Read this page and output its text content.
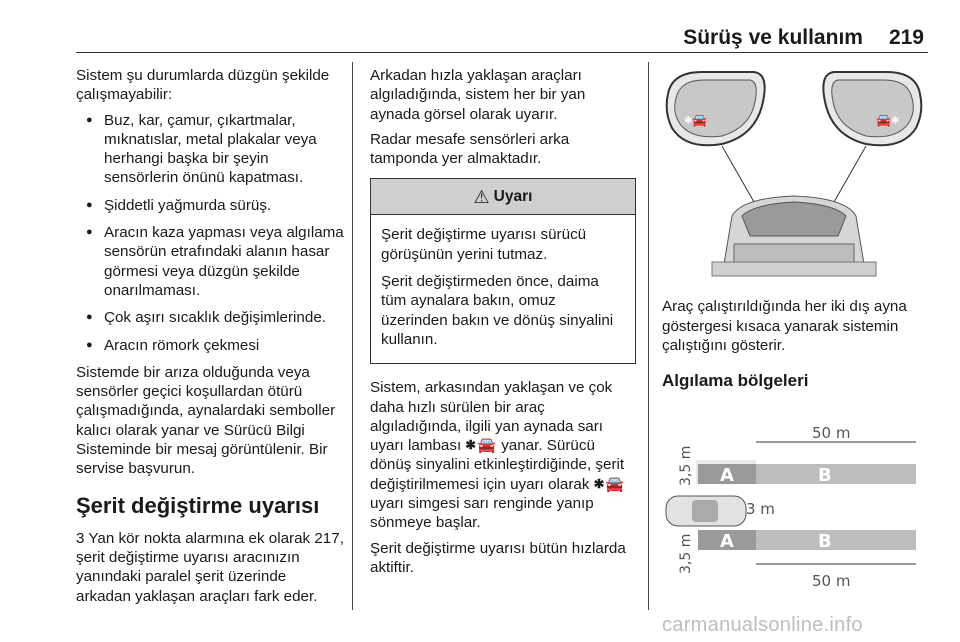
Sürüş ve kullanım 219

Sistem şu durumlarda düzgün şekilde çalışmayabilir:

● Buz, kar, çamur, çıkartmalar, mıknatıslar, metal plakalar veya herhangi başka bir şeyin sensörlerin önünü kapatması.
● Şiddetli yağmurda sürüş.
● Aracın kaza yapması veya algılama sensörün etrafındaki alanın hasar görmesi veya düzgün şekilde onarılmaması.
● Çok aşırı sıcaklık değişimlerinde.
● Aracın römork çekmesi

Sistemde bir arıza olduğunda veya sensörler geçici koşullardan ötürü çalışmadığında, aynalardaki semboller kalıcı olarak yanar ve Sürücü Bilgi Sisteminde bir mesaj görüntülenir. Bir servise başvurun.

Şerit değiştirme uyarısı

3 Yan kör nokta alarmına ek olarak 217, şerit değiştirme uyarısı aracınızın yanındaki paralel şerit üzerinde arkadan yaklaşan araçları fark eder.

Arkadan hızla yaklaşan araçları algıladığında, sistem her bir yan aynada görsel olarak uyarır.

Radar mesafe sensörleri arka tamponda yer almaktadır.

⚠ Uyarı

Şerit değiştirme uyarısı sürücü görüşünün yerini tutmaz.

Şerit değiştirmeden önce, daima tüm aynalara bakın, omuz üzerinden bakın ve dönüş sinyalini kullanın.

Sistem, arkasından yaklaşan ve çok daha hızlı sürülen bir araç algıladığında, ilgili yan aynada sarı uyarı lambası 🞷🚘 yanar. Sürücü dönüş sinyalini etkinleştirdiğinde, şerit değiştirilmemesi için uyarı olarak 🞷🚘 uyarı simgesi sarı renginde yanıp sönmeye başlar.

Şerit değiştirme uyarısı bütün hızlarda aktiftir.

🞷🚘	🚘🞷

Araç çalıştırıldığında her iki dış ayna göstergesi kısaca yanarak sistemin çalıştığını gösterir.

Algılama bölgeleri
50 m
A	B
3,5 m
3 m
A	B
3,5 m
50 m
carmanualsonline.info
